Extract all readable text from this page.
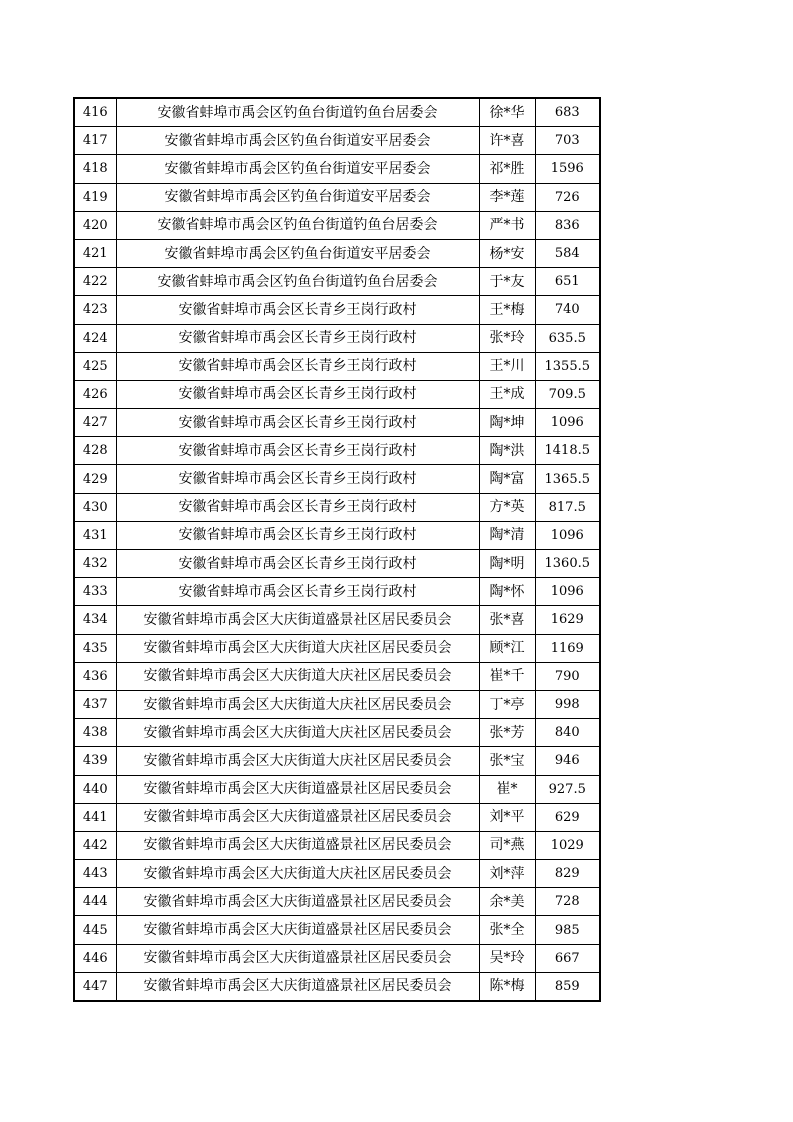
416	安徽省蚌埠市禹会区钓鱼台街道钓鱼台居委会	徐*华	683
417	安徽省蚌埠市禹会区钓鱼台街道安平居委会	许*喜	703
418	安徽省蚌埠市禹会区钓鱼台街道安平居委会	祁*胜	1596
419	安徽省蚌埠市禹会区钓鱼台街道安平居委会	李*莲	726
420	安徽省蚌埠市禹会区钓鱼台街道钓鱼台居委会	严*书	836
421	安徽省蚌埠市禹会区钓鱼台街道安平居委会	杨*安	584
422	安徽省蚌埠市禹会区钓鱼台街道钓鱼台居委会	于*友	651
423	安徽省蚌埠市禹会区长青乡王岗行政村	王*梅	740
424	安徽省蚌埠市禹会区长青乡王岗行政村	张*玲	635.5
425	安徽省蚌埠市禹会区长青乡王岗行政村	王*川	1355.5
426	安徽省蚌埠市禹会区长青乡王岗行政村	王*成	709.5
427	安徽省蚌埠市禹会区长青乡王岗行政村	陶*坤	1096
428	安徽省蚌埠市禹会区长青乡王岗行政村	陶*洪	1418.5
429	安徽省蚌埠市禹会区长青乡王岗行政村	陶*富	1365.5
430	安徽省蚌埠市禹会区长青乡王岗行政村	方*英	817.5
431	安徽省蚌埠市禹会区长青乡王岗行政村	陶*清	1096
432	安徽省蚌埠市禹会区长青乡王岗行政村	陶*明	1360.5
433	安徽省蚌埠市禹会区长青乡王岗行政村	陶*怀	1096
434	安徽省蚌埠市禹会区大庆街道盛景社区居民委员会	张*喜	1629
435	安徽省蚌埠市禹会区大庆街道大庆社区居民委员会	顾*江	1169
436	安徽省蚌埠市禹会区大庆街道大庆社区居民委员会	崔*千	790
437	安徽省蚌埠市禹会区大庆街道大庆社区居民委员会	丁*亭	998
438	安徽省蚌埠市禹会区大庆街道大庆社区居民委员会	张*芳	840
439	安徽省蚌埠市禹会区大庆街道大庆社区居民委员会	张*宝	946
440	安徽省蚌埠市禹会区大庆街道盛景社区居民委员会	崔*	927.5
441	安徽省蚌埠市禹会区大庆街道盛景社区居民委员会	刘*平	629
442	安徽省蚌埠市禹会区大庆街道盛景社区居民委员会	司*燕	1029
443	安徽省蚌埠市禹会区大庆街道大庆社区居民委员会	刘*萍	829
444	安徽省蚌埠市禹会区大庆街道盛景社区居民委员会	余*美	728
445	安徽省蚌埠市禹会区大庆街道盛景社区居民委员会	张*全	985
446	安徽省蚌埠市禹会区大庆街道盛景社区居民委员会	吴*玲	667
447	安徽省蚌埠市禹会区大庆街道盛景社区居民委员会	陈*梅	859
